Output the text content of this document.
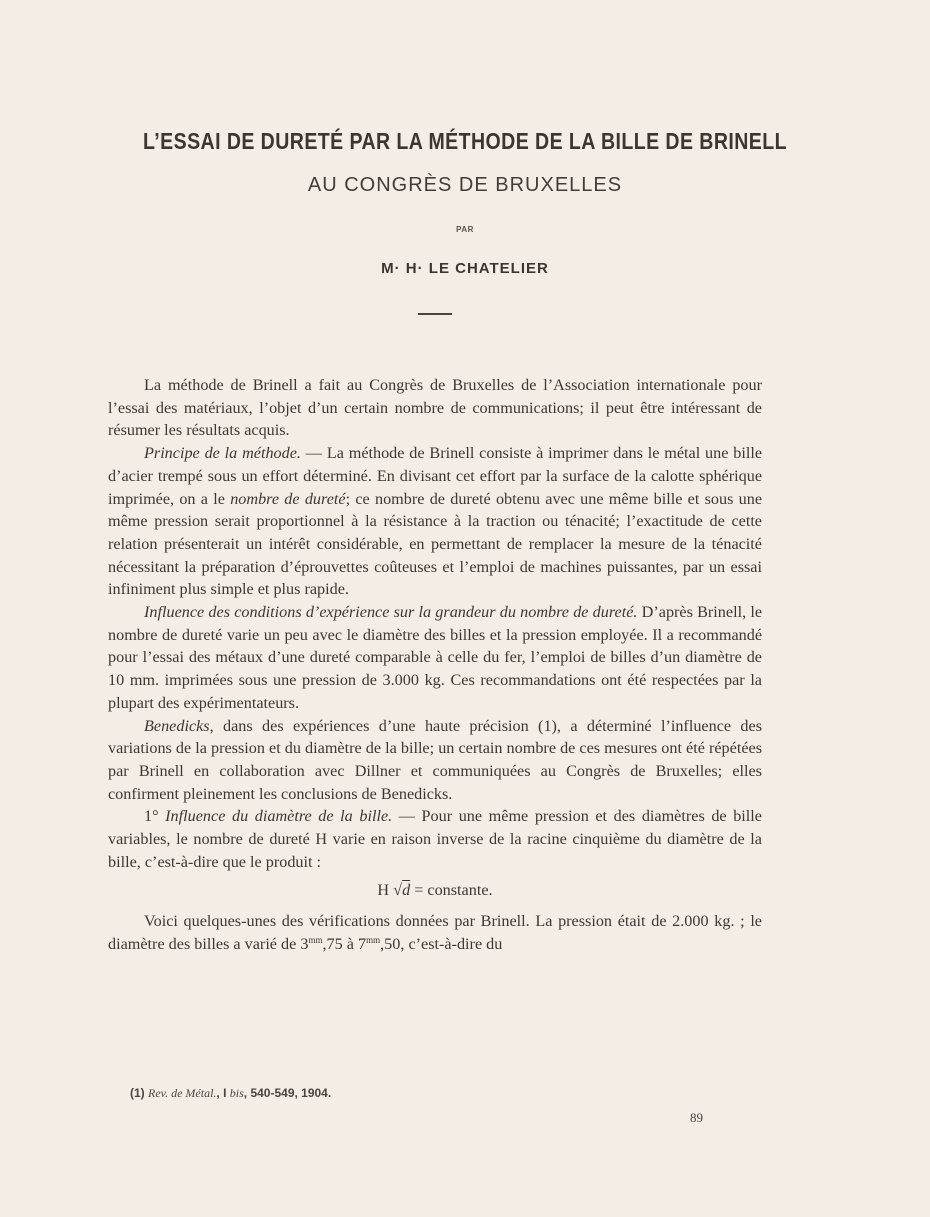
L’ESSAI DE DURETÉ PAR LA MÉTHODE DE LA BILLE DE BRINELL
AU CONGRÈS DE BRUXELLES
PAR
M· H· LE CHATELIER

La méthode de Brinell a fait au Congrès de Bruxelles de l’Association internationale pour l’essai des matériaux, l’objet d’un certain nombre de communications; il peut être intéressant de résumer les résultats acquis.

Principe de la méthode. — La méthode de Brinell consiste à imprimer dans le métal une bille d’acier trempé sous un effort déterminé. En divisant cet effort par la surface de la calotte sphérique imprimée, on a le nombre de dureté; ce nombre de dureté obtenu avec une même bille et sous une même pression serait proportionnel à la résistance à la traction ou ténacité; l’exactitude de cette relation présenterait un intérêt considérable, en permettant de remplacer la mesure de la ténacité nécessitant la préparation d’éprouvettes coûteuses et l’emploi de machines puissantes, par un essai infiniment plus simple et plus rapide.

Influence des conditions d’expérience sur la grandeur du nombre de dureté. D’après Brinell, le nombre de dureté varie un peu avec le diamètre des billes et la pression employée. Il a recommandé pour l’essai des métaux d’une dureté comparable à celle du fer, l’emploi de billes d’un diamètre de 10 mm. imprimées sous une pression de 3.000 kg. Ces recommandations ont été respectées par la plupart des expérimentateurs.

Benedicks, dans des expériences d’une haute précision (1), a déterminé l’influence des variations de la pression et du diamètre de la bille; un certain nombre de ces mesures ont été répétées par Brinell en collaboration avec Dillner et communiquées au Congrès de Bruxelles; elles confirment pleinement les conclusions de Benedicks.

1° Influence du diamètre de la bille. — Pour une même pression et des diamètres de bille variables, le nombre de dureté H varie en raison inverse de la racine cinquième du diamètre de la bille, c’est-à-dire que le produit :

H √d = constante.

Voici quelques-unes des vérifications données par Brinell. La pression était de 2.000 kg. ; le diamètre des billes a varié de $3^{mm},75$ à $7^{mm},50$, c’est-à-dire du

(1) Rev. de Métal., I bis, 540-549, 1904.
89
